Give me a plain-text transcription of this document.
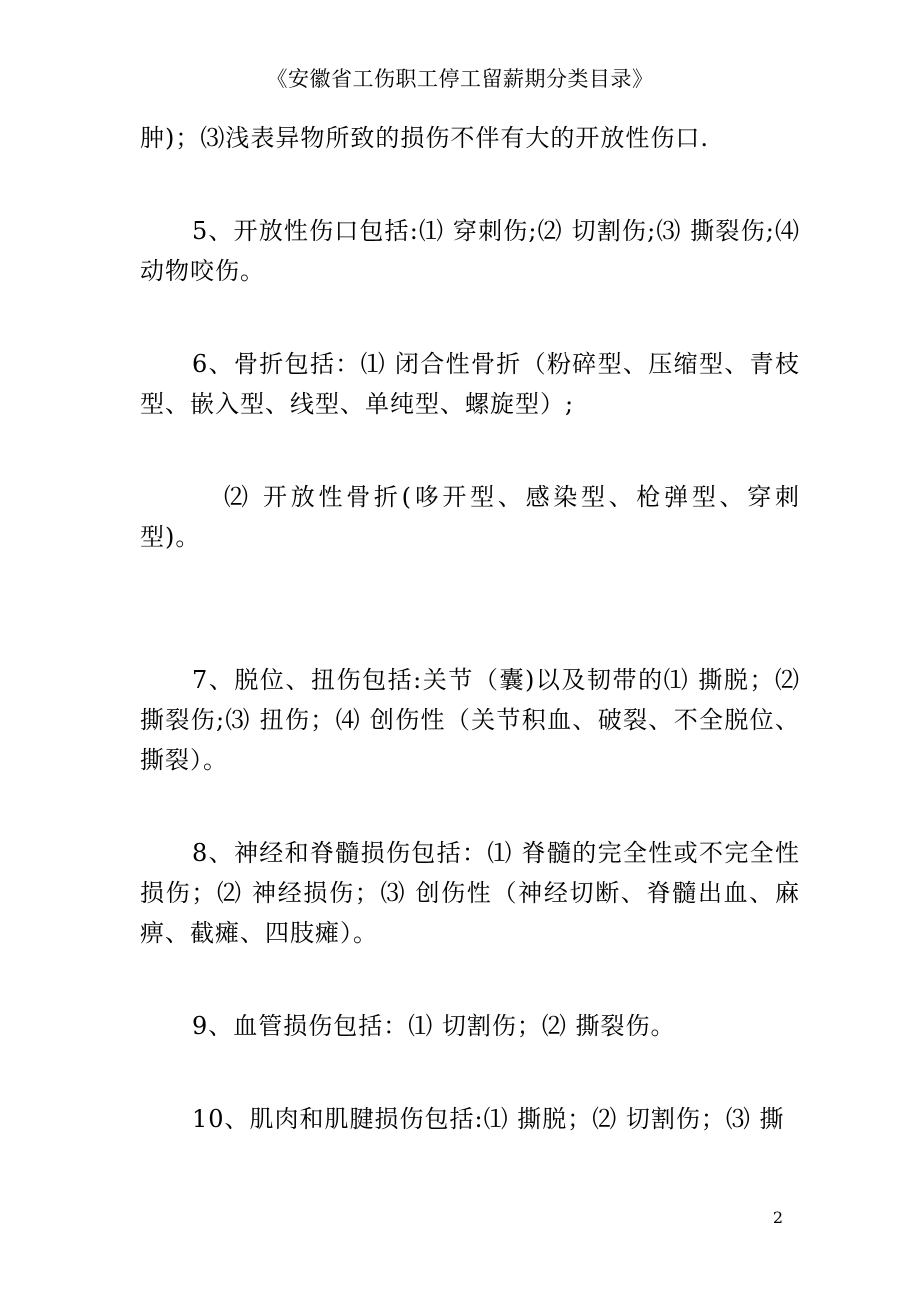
《安徽省工伤职工停工留薪期分类目录》

肿)；⑶浅表异物所致的损伤不伴有大的开放性伤口.

5、开放性伤口包括:⑴ 穿刺伤;⑵ 切割伤;⑶ 撕裂伤;⑷ 动物咬伤。

6、骨折包括：⑴ 闭合性骨折（粉碎型、压缩型、青枝型、嵌入型、线型、单纯型、螺旋型）;

⑵ 开放性骨折(哆开型、感染型、枪弹型、穿刺型)。

7、脱位、扭伤包括:关节（囊)以及韧带的⑴ 撕脱；⑵ 撕裂伤;⑶ 扭伤；⑷ 创伤性（关节积血、破裂、不全脱位、撕裂）。

8、神经和脊髓损伤包括：⑴ 脊髓的完全性或不完全性损伤；⑵ 神经损伤；⑶ 创伤性（神经切断、脊髓出血、麻痹、截瘫、四肢瘫）。

9、血管损伤包括：⑴ 切割伤；⑵ 撕裂伤。

10、肌肉和肌腱损伤包括:⑴ 撕脱；⑵ 切割伤；⑶ 撕

2
